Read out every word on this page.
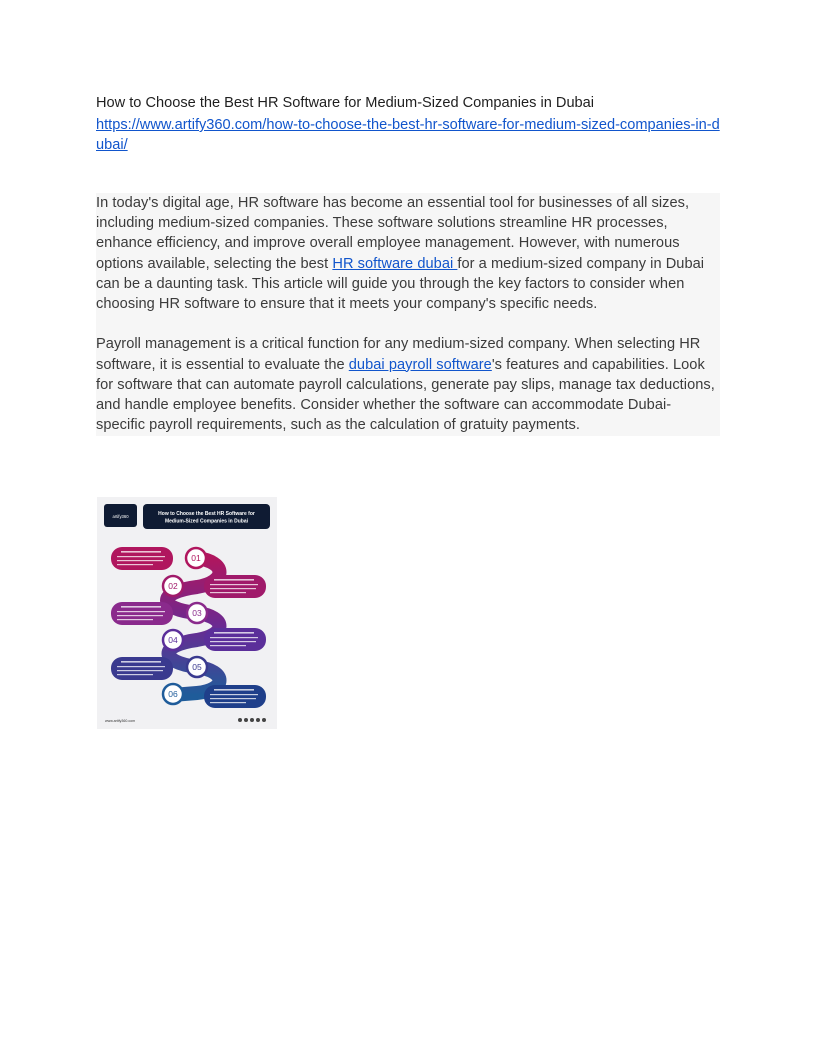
How to Choose the Best HR Software for Medium-Sized Companies in Dubai
https://www.artify360.com/how-to-choose-the-best-hr-software-for-medium-sized-companies-in-dubai/

In today's digital age, HR software has become an essential tool for businesses of all sizes, including medium-sized companies. These software solutions streamline HR processes, enhance efficiency, and improve overall employee management. However, with numerous options available, selecting the best HR software dubai for a medium-sized company in Dubai can be a daunting task. This article will guide you through the key factors to consider when choosing HR software to ensure that it meets your company's specific needs.

Payroll management is a critical function for any medium-sized company. When selecting HR software, it is essential to evaluate the dubai payroll software's features and capabilities. Look for software that can automate payroll calculations, generate pay slips, manage tax deductions, and handle employee benefits. Consider whether the software can accommodate Dubai-specific payroll requirements, such as the calculation of gratuity payments.

artify360	How to Choose the Best HR Software for
Medium-Sized Companies in Dubai
01
02
03
04
05
06
www.artify360.com
